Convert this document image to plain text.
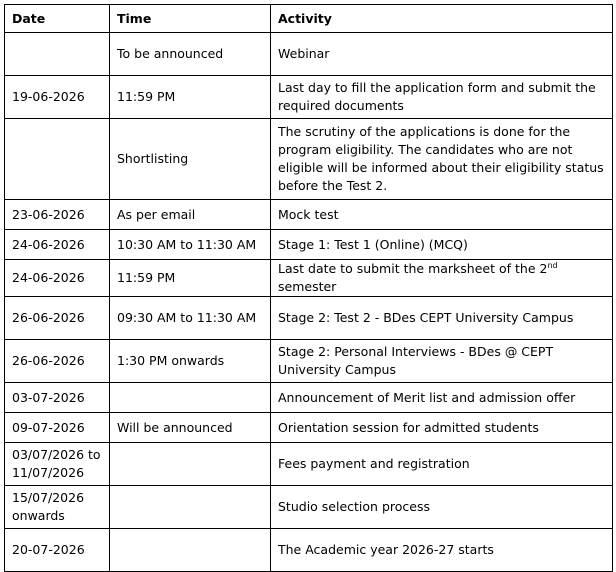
Date	Time	Activity
	To be announced	Webinar
19-06-2026	11:59 PM	Last day to fill the application form and submit the required documents
	Shortlisting	The scrutiny of the applications is done for the program eligibility. The candidates who are not eligible will be informed about their eligibility status before the Test 2.
23-06-2026	As per email	Mock test
24-06-2026	10:30 AM to 11:30 AM	Stage 1: Test 1 (Online) (MCQ)
24-06-2026	11:59 PM	Last date to submit the marksheet of the 2nd semester
26-06-2026	09:30 AM to 11:30 AM	Stage 2: Test 2 - BDes CEPT University Campus
26-06-2026	1:30 PM onwards	Stage 2: Personal Interviews - BDes @ CEPT University Campus
03-07-2026		Announcement of Merit list and admission offer
09-07-2026	Will be announced	Orientation session for admitted students
03/07/2026 to 11/07/2026		Fees payment and registration
15/07/2026 onwards		Studio selection process
20-07-2026		The Academic year 2026-27 starts
